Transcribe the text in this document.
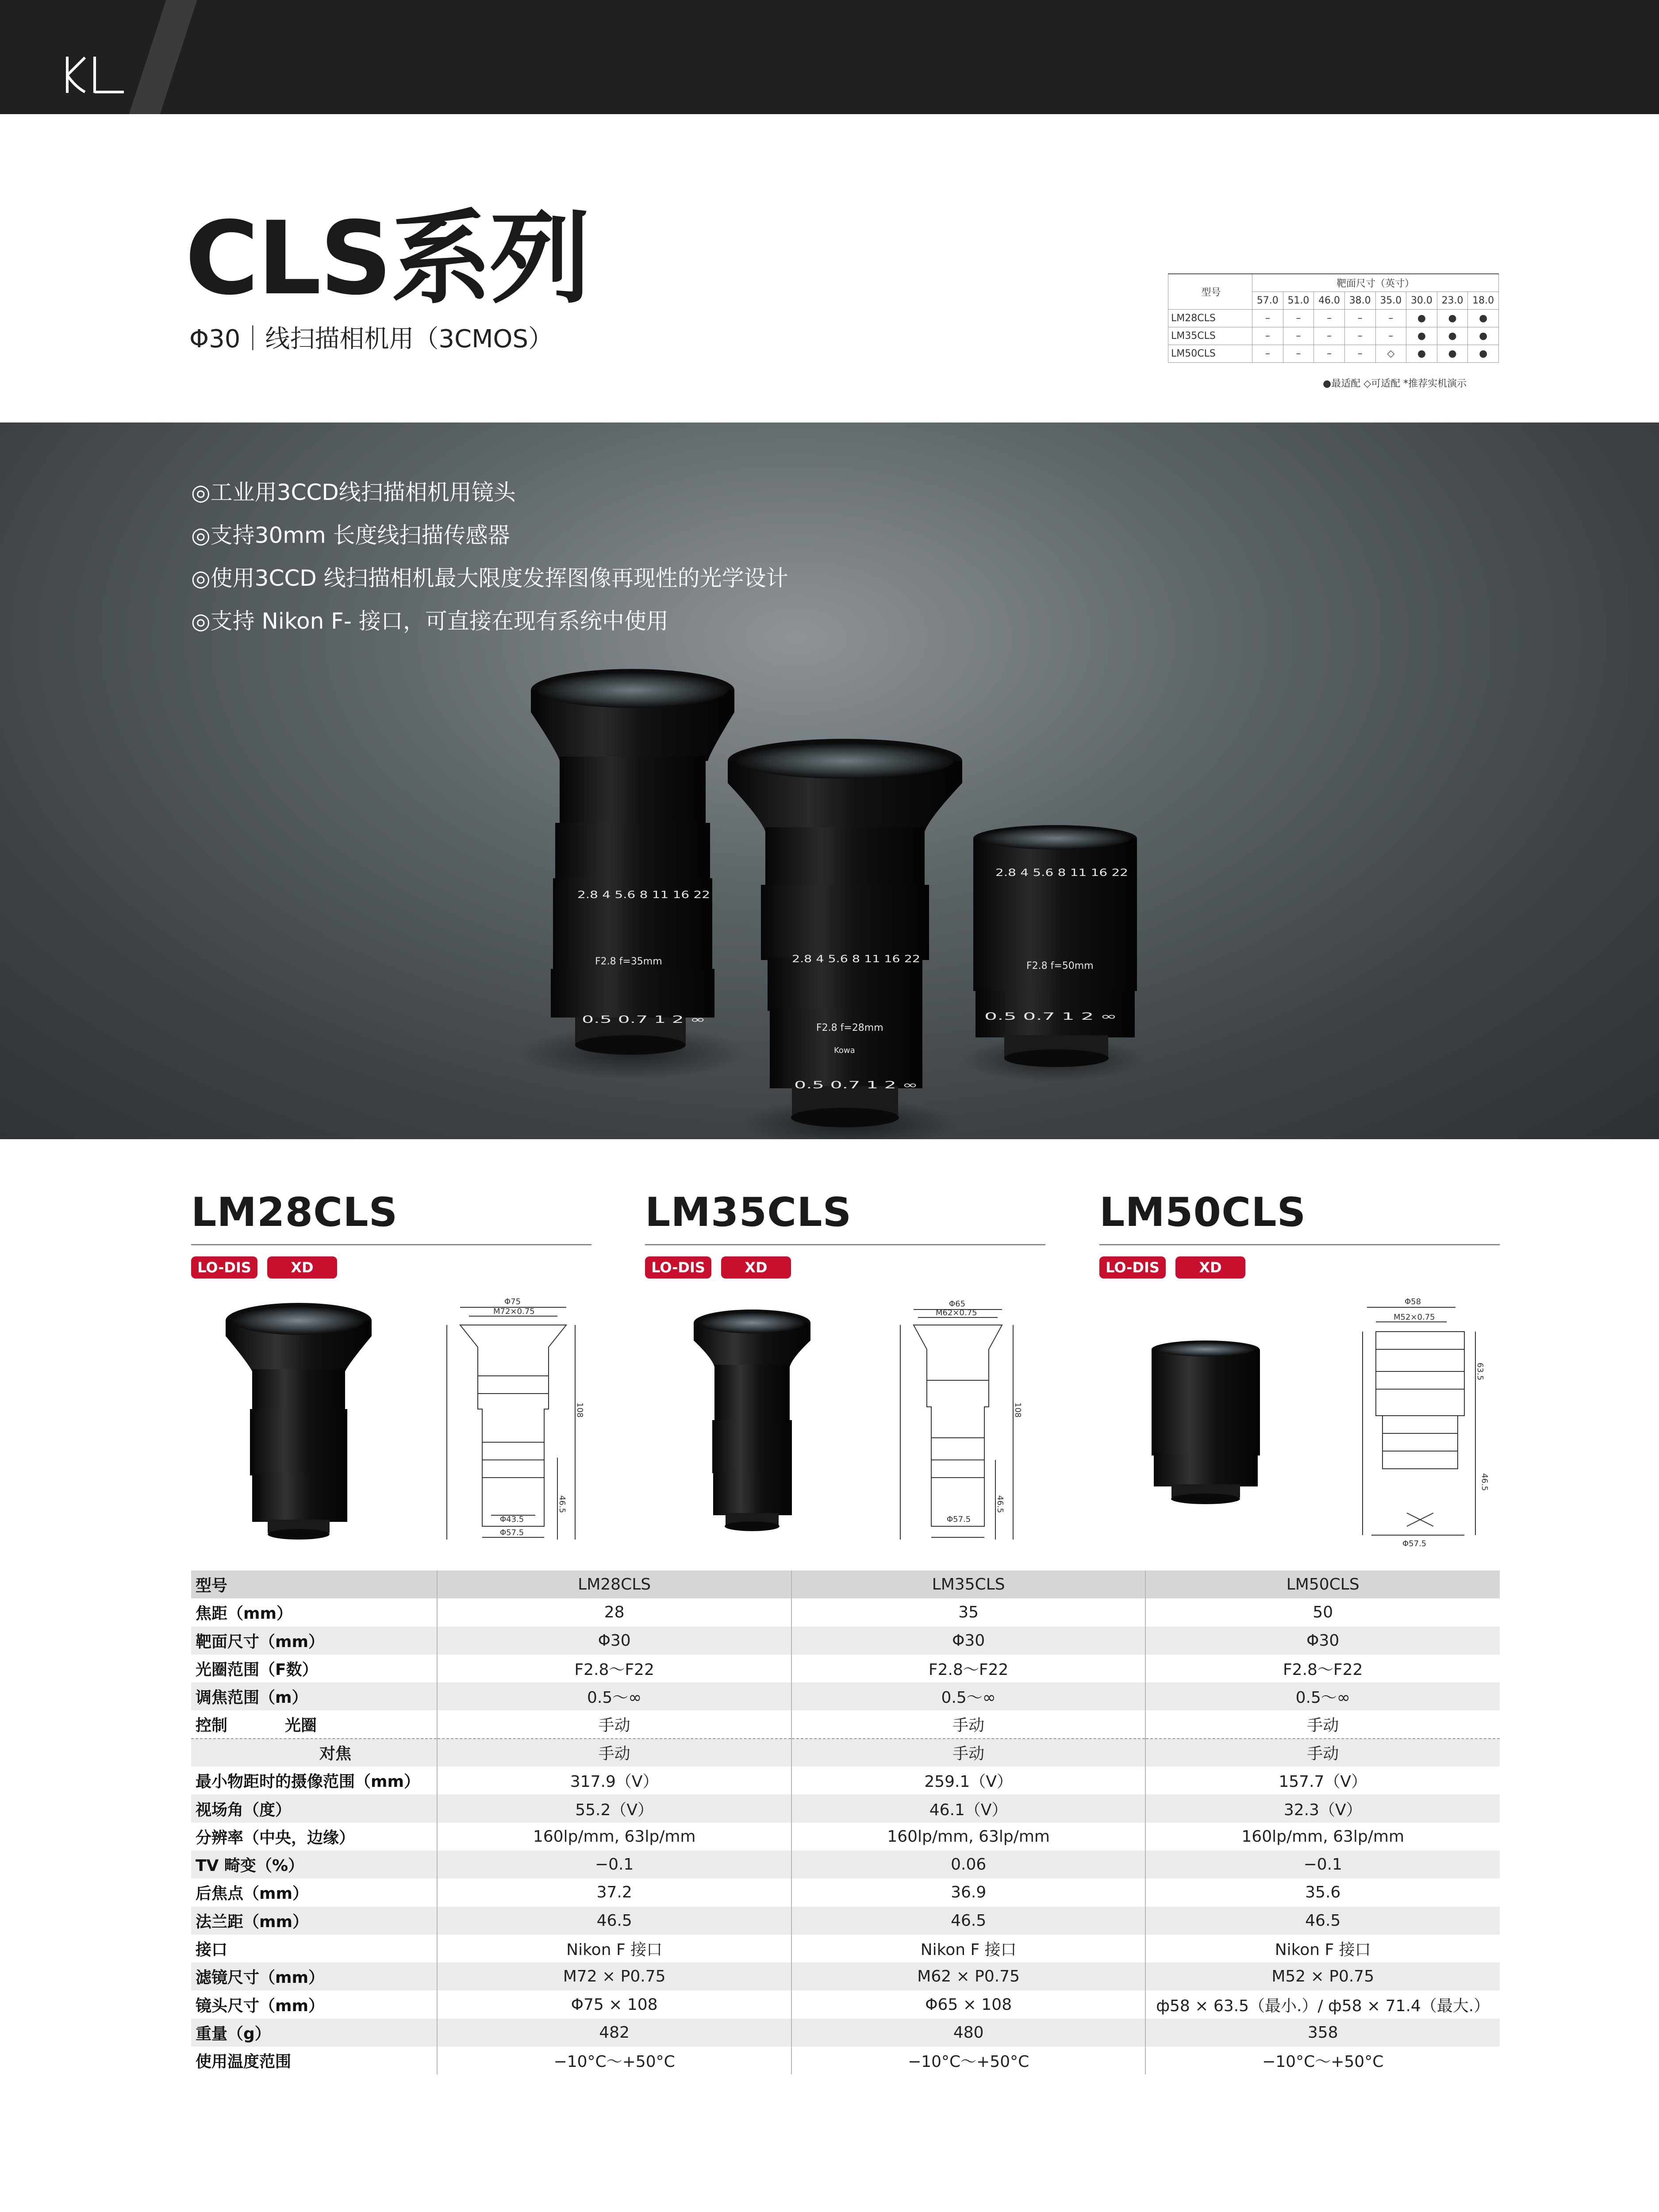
CLS系列
Φ30｜线扫描相机用（3CMOS）
型号	靶面尺寸（英寸）							
	57.0	51.0	46.0	38.0	35.0	30.0	23.0	18.0
LM28CLS	–	–	–	–	–	●	●	●
LM35CLS	–	–	–	–	–	●	●	●
LM50CLS	–	–	–	–	◇	●	●	●
●最适配 ◇可适配 *推荐实机演示
2.8 4 5.6 8 11 16 22
F2.8 f=35mm
0.5 0.7 1 2 ∞
2.8 4 5.6 8 11 16 22
F2.8 f=28mm
Kowa
0.5 0.7 1 2 ∞
2.8 4 5.6 8 11 16 22
F2.8 f=50mm
0.5 0.7 1 2 ∞
◎工业用3CCD线扫描相机用镜头
◎支持30mm 长度线扫描传感器
◎使用3CCD 线扫描相机最大限度发挥图像再现性的光学设计
◎支持 Nikon F- 接口，可直接在现有系统中使用
LM28CLS
LO-DIS	XD
LM35CLS
LO-DIS	XD
LM50CLS
LO-DIS	XD
Φ75
M72×0.75
Φ43.5
Φ57.5
108
46.5
Φ65
M62×0.75
Φ57.5
108
46.5
Φ58
M52×0.75
Φ57.5
63.5
46.5
型号	LM28CLS	LM35CLS	LM50CLS
焦距（mm）	28	35	50
靶面尺寸（mm）	Φ30	Φ30	Φ30
光圈范围（F数）	F2.8～F22	F2.8～F22	F2.8～F22
调焦范围（m）	0.5～∞	0.5～∞	0.5～∞
控制 光圈	手动	手动	手动
对焦	手动	手动	手动
最小物距时的摄像范围（mm）	317.9（V）	259.1（V）	157.7（V）
视场角（度）	55.2（V）	46.1（V）	32.3（V）
分辨率（中央，边缘）	160lp/mm, 63lp/mm	160lp/mm, 63lp/mm	160lp/mm, 63lp/mm
TV 畸变（%）	−0.1	0.06	−0.1
后焦点（mm）	37.2	36.9	35.6
法兰距（mm）	46.5	46.5	46.5
接口	Nikon F 接口	Nikon F 接口	Nikon F 接口
滤镜尺寸（mm）	M72 × P0.75	M62 × P0.75	M52 × P0.75
镜头尺寸（mm）	Φ75 × 108	Φ65 × 108	ф58 × 63.5（最小.）/ ф58 × 71.4（最大.）
重量（g）	482	480	358
使用温度范围	−10°C～+50°C	−10°C～+50°C	−10°C～+50°C
